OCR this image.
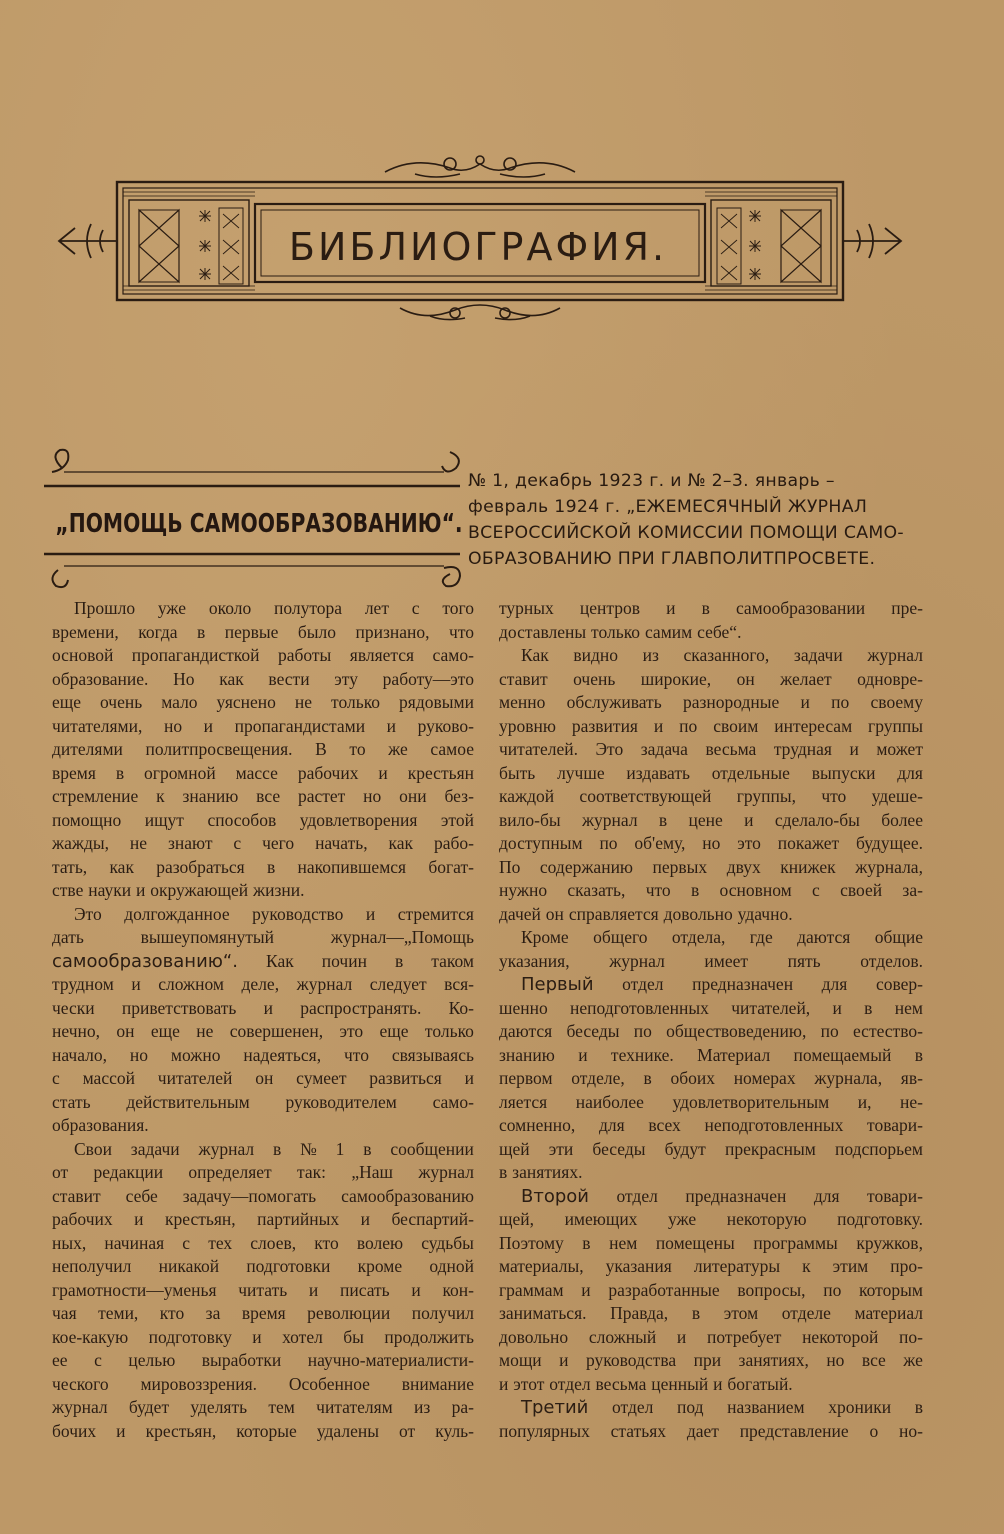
БИБЛИОГРАФИЯ.
„ПОМОЩЬ САМООБРАЗОВАНИЮ“.
№ 1, декабрь 1923 г. и № 2–3. январь –
февраль 1924 г. „ЕЖЕМЕСЯЧНЫЙ ЖУРНАЛ
ВСЕРОССИЙСКОЙ КОМИССИИ ПОМОЩИ САМО-
ОБРАЗОВАНИЮ ПРИ ГЛАВПОЛИТПРОСВЕТЕ.
Прошло уже около полутора лет с того
времени, когда в первые было признано, что
основой пропагандисткой работы является само-
образование. Но как вести эту работу—это
еще очень мало уяснено не только рядовыми
читателями, но и пропагандистами и руково-
дителями политпросвещения. В то же самое
время в огромной массе рабочих и крестьян
стремление к знанию все растет но они без-
помощно ищут способов удовлетворения этой
жажды, не знают с чего начать, как рабо-
тать, как разобраться в накопившемся богат-
стве науки и окружающей жизни.
Это долгожданное руководство и стремится
дать	вышеупомянутый	журнал—„Помощь
самообразованию“. Как почин в таком
трудном и сложном деле, журнал следует вся-
чески приветствовать и распространять. Ко-
нечно, он еще не совершенен, это еще только
начало, но можно надеяться, что связываясь
с массой читателей он сумеет развиться и
стать действительным руководителем само-
образования.
Свои задачи журнал в № 1 в сообщении
от редакции определяет так: „Наш журнал
ставит себе задачу—помогать самообразованию
рабочих и крестьян, партийных и беспартий-
ных, начиная с тех слоев, кто волею судьбы
неполучил никакой подготовки кроме одной
грамотности—уменья читать и писать и кон-
чая теми, кто за время революции получил
кое-какую подготовку и хотел бы продолжить
ее с целью выработки научно-материалисти-
ческого мировоззрения. Особенное внимание
журнал будет уделять тем читателям из ра-
бочих и крестьян, которые удалены от куль-
турных центров и в самообразовании пре-
доставлены только самим себе“.
Как видно из сказанного, задачи журнал
ставит очень широкие, он желает одновре-
менно обслуживать разнородные и по своему
уровню развития и по своим интересам группы
читателей. Это задача весьма трудная и может
быть лучше издавать отдельные выпуски для
каждой соответствующей группы, что удеше-
вило-бы журнал в цене и сделало-бы более
доступным по об'ему, но это покажет будущее.
По содержанию первых двух книжек журнала,
нужно сказать, что в основном с своей за-
дачей он справляется довольно удачно.
Кроме общего отдела, где даются общие
указания, журнал имеет пять отделов.
Первый отдел предназначен для совер-
шенно неподготовленных читателей, и в нем
даются беседы по обществоведению, по естество-
знанию и технике. Материал помещаемый в
первом отделе, в обоих номерах журнала, яв-
ляется наиболее удовлетворительным и, не-
сомненно, для всех неподготовленных товари-
щей эти беседы будут прекрасным подспорьем
в занятиях.
Второй отдел предназначен для товари-
щей, имеющих уже некоторую подготовку.
Поэтому в нем помещены программы кружков,
материалы, указания литературы к этим про-
граммам и разработанные вопросы, по которым
заниматься. Правда, в этом отделе материал
довольно сложный и потребует некоторой по-
мощи и руководства при занятиях, но все же
и этот отдел весьма ценный и богатый.
Третий отдел под названием хроники в
популярных статьях дает представление о но-
